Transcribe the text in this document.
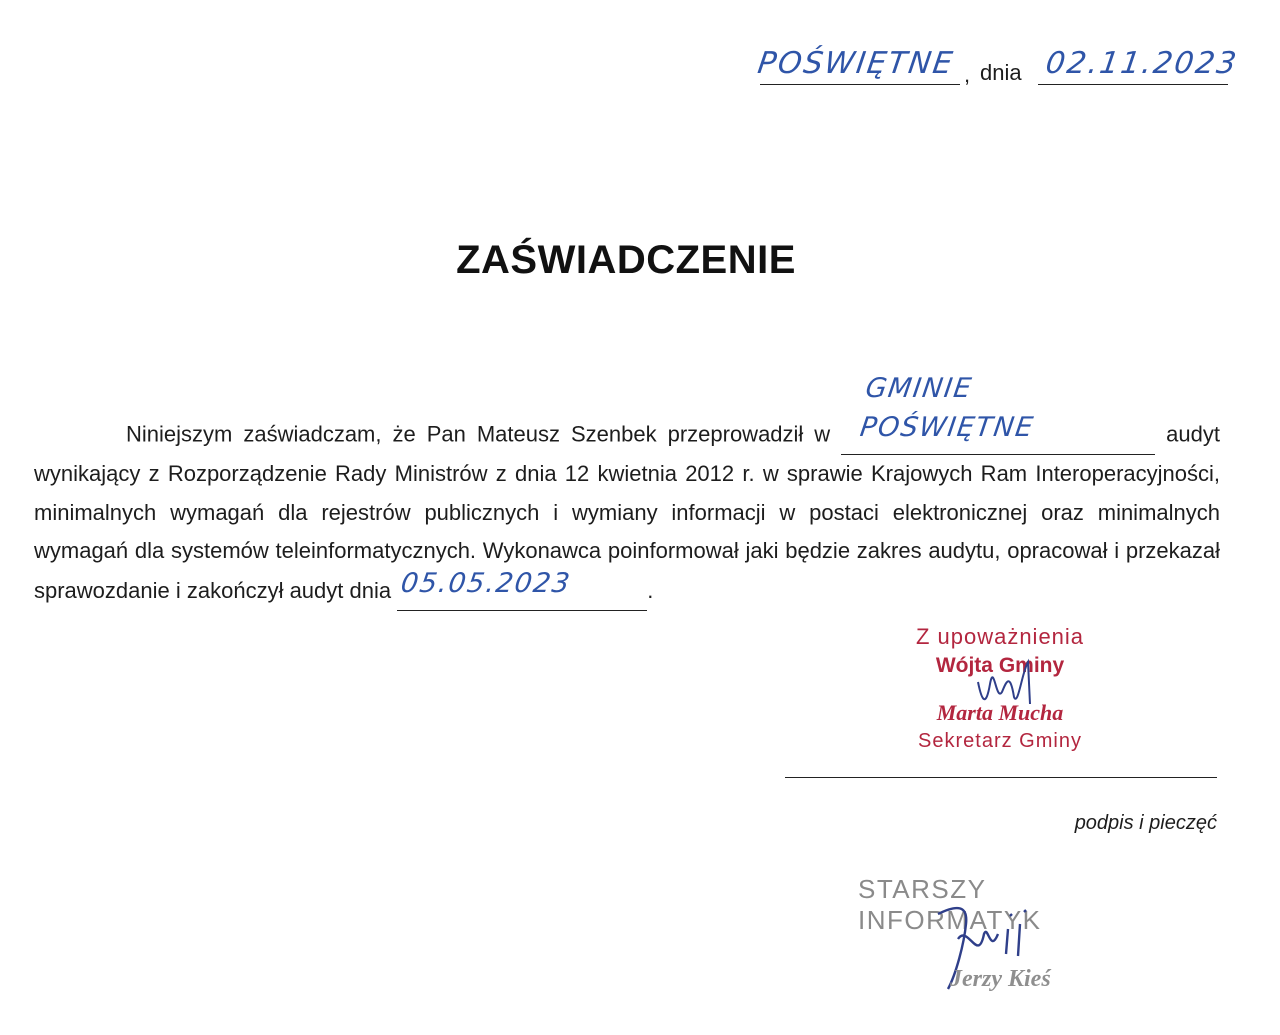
POŚWIĘTNE , dnia 02.11.2023
ZAŚWIADCZENIE

Niniejszym zaświadczam, że Pan Mateusz Szenbek przeprowadził w GMINIE POŚWIĘTNE	audyt wynikający z Rozporządzenie Rady Ministrów z dnia 12 kwietnia 2012 r. w sprawie Krajowych Ram Interoperacyjności, minimalnych wymagań dla rejestrów publicznych i wymiany informacji w postaci elektronicznej oraz minimalnych wymagań dla systemów teleinformatycznych. Wykonawca poinformował jaki będzie zakres audytu, opracował i przekazał sprawozdanie i zakończył audyt dnia 05.05.2023	.

Z upoważnienia
Wójta Gminy
Marta Mucha
Sekretarz Gminy
podpis i pieczęć
STARSZY INFORMATYK
Jerzy Kieś
